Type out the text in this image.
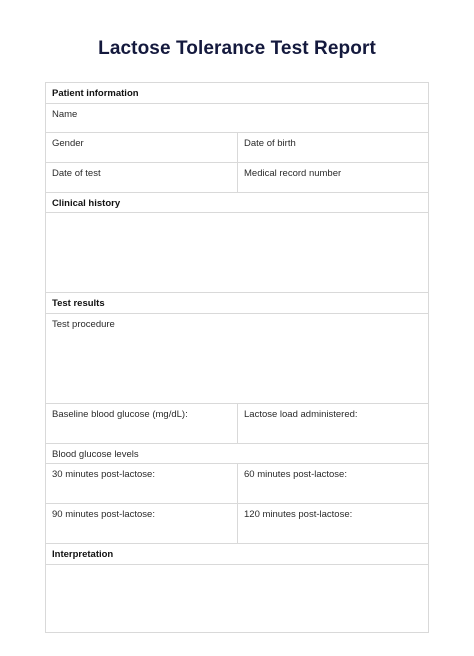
Lactose Tolerance Test Report
Patient information
Name
Gender	Date of birth
Date of test	Medical record number
Clinical history
Test results
Test procedure
Baseline blood glucose (mg/dL):	Lactose load administered:
Blood glucose levels
30 minutes post-lactose:	60 minutes post-lactose:
90 minutes post-lactose:	120 minutes post-lactose:
Interpretation
